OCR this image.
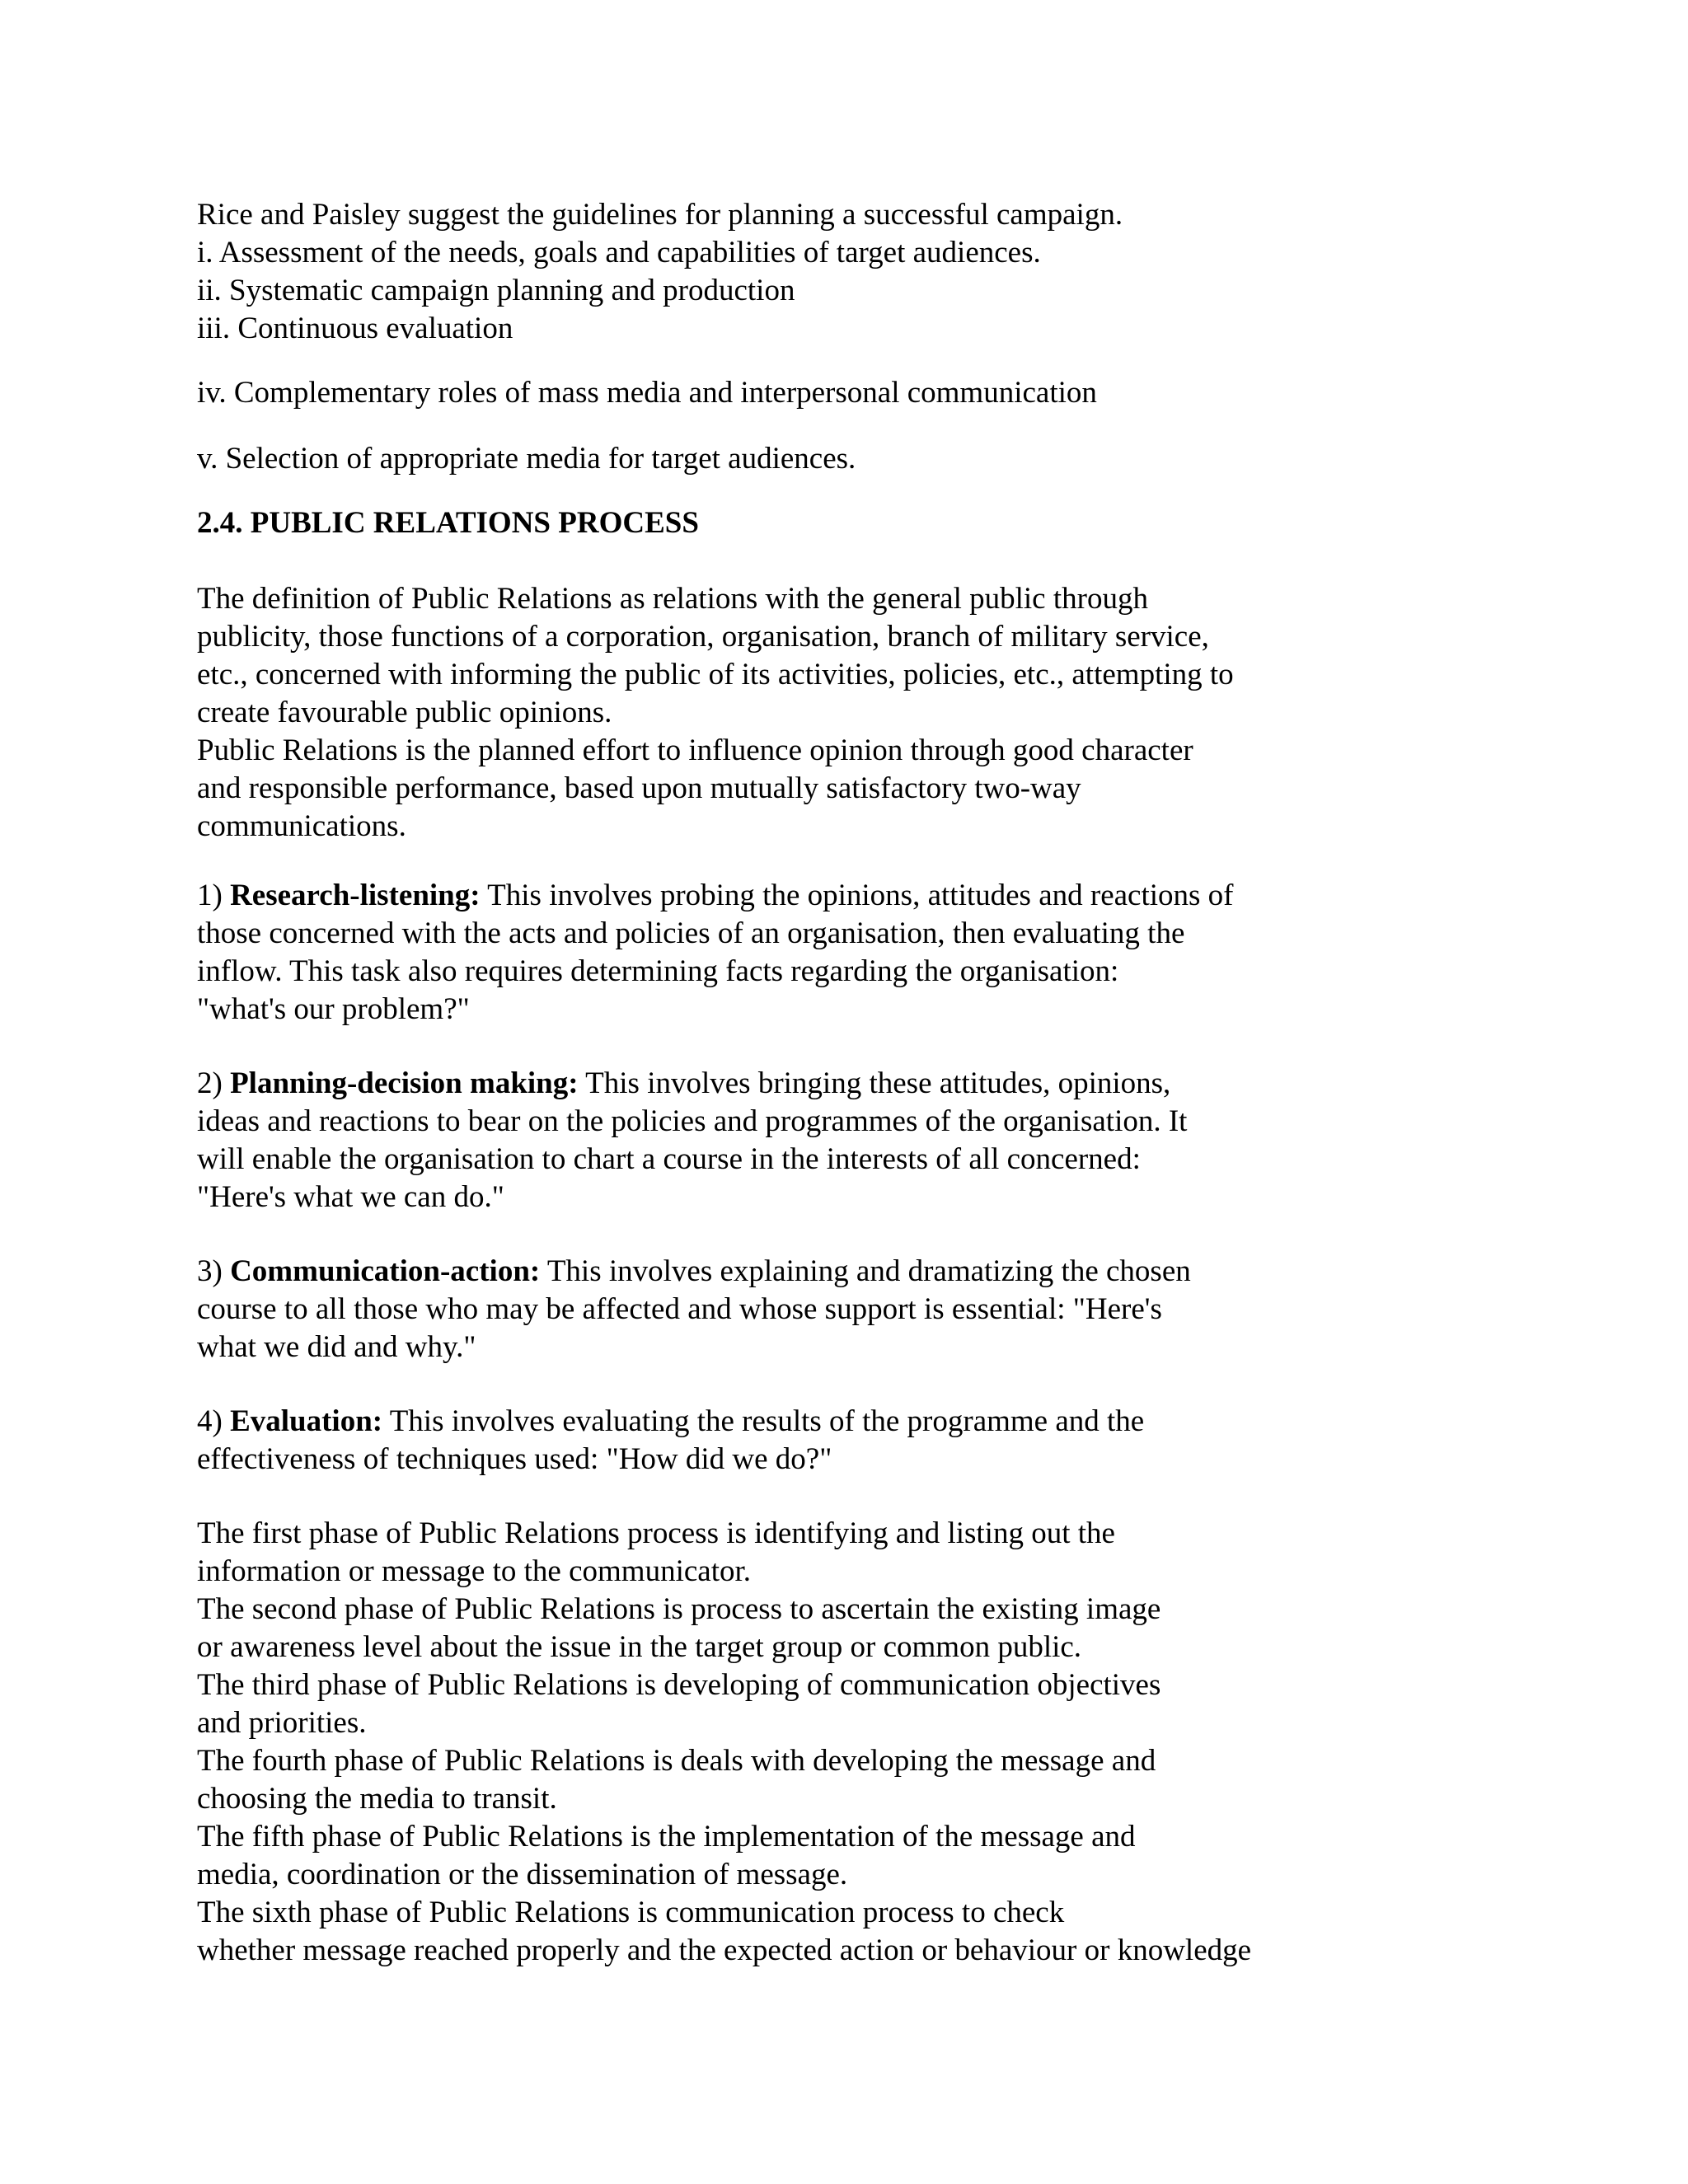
Rice and Paisley suggest the guidelines for planning a successful campaign.

i. Assessment of the needs, goals and capabilities of target audiences.

ii. Systematic campaign planning and production

iii. Continuous evaluation

iv. Complementary roles of mass media and interpersonal communication

v. Selection of appropriate media for target audiences.

2.4. PUBLIC RELATIONS PROCESS

The definition of Public Relations as relations with the general public through

publicity, those functions of a corporation, organisation, branch of military service,

etc., concerned with informing the public of its activities, policies, etc., attempting to

create favourable public opinions.

Public Relations is the planned effort to influence opinion through good character

and responsible performance, based upon mutually satisfactory two-way

communications.

1) Research-listening: This involves probing the opinions, attitudes and reactions of

those concerned with the acts and policies of an organisation, then evaluating the

inflow. This task also requires determining facts regarding the organisation:

"what's our problem?"

2) Planning-decision making: This involves bringing these attitudes, opinions,

ideas and reactions to bear on the policies and programmes of the organisation. It

will enable the organisation to chart a course in the interests of all concerned:

"Here's what we can do."

3) Communication-action: This involves explaining and dramatizing the chosen

course to all those who may be affected and whose support is essential: "Here's

what we did and why."

4) Evaluation: This involves evaluating the results of the programme and the

effectiveness of techniques used: "How did we do?"

The first phase of Public Relations process is identifying and listing out the

information or message to the communicator.

The second phase of Public Relations is process to ascertain the existing image

or awareness level about the issue in the target group or common public.

The third phase of Public Relations is developing of communication objectives

and priorities.

The fourth phase of Public Relations is deals with developing the message and

choosing the media to transit.

The fifth phase of Public Relations is the implementation of the message and

media, coordination or the dissemination of message.

The sixth phase of Public Relations is communication process to check

whether message reached properly and the expected action or behaviour or knowledge
